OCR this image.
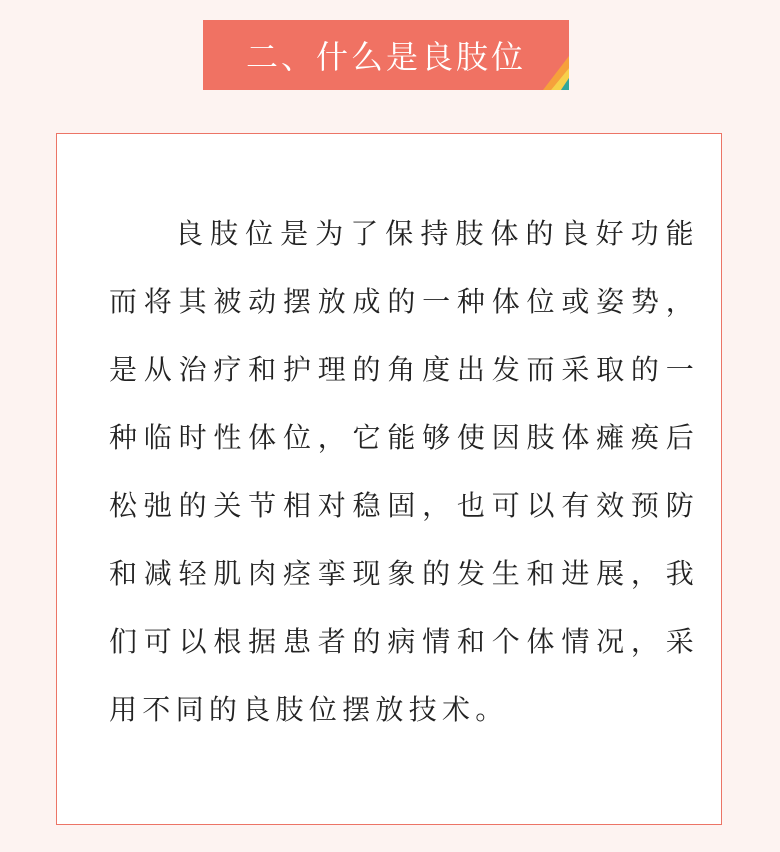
二、什么是良肢位

良肢位是为了保持肢体的良好功能而将其被动摆放成的一种体位或姿势，是从治疗和护理的角度出发而采取的一种临时性体位，它能够使因肢体瘫痪后松弛的关节相对稳固，也可以有效预防和减轻肌肉痉挛现象的发生和进展，我们可以根据患者的病情和个体情况，采用不同的良肢位摆放技术。
